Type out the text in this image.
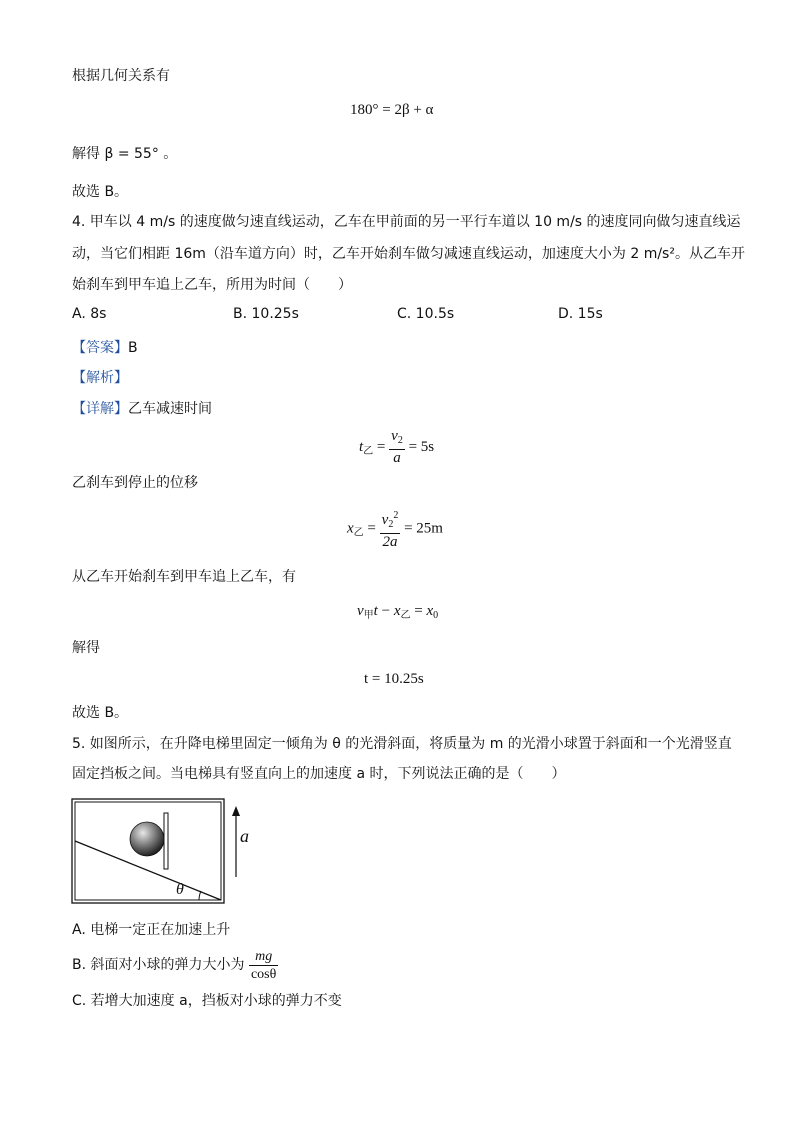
根据几何关系有
180° = 2β + α
解得 β = 55° 。
故选 B。
4. 甲车以 4 m/s 的速度做匀速直线运动，乙车在甲前面的另一平行车道以 10 m/s 的速度同向做匀速直线运
动，当它们相距 16m（沿车道方向）时，乙车开始刹车做匀减速直线运动，加速度大小为 2 m/s²。从乙车开
始刹车到甲车追上乙车，所用为时间（　　）
A. 8s	B. 10.25s	C. 10.5s	D. 15s
【答案】B
【解析】
【详解】乙车减速时间
$t_乙 = \frac{v_2}{a} = 5s$
乙刹车到停止的位移
$x_乙 = \frac{v_2^2}{2a} = 25m$
从乙车开始刹车到甲车追上乙车，有
$v_甲t - x_乙 = x_0$
解得
t = 10.25s
故选 B。
5. 如图所示，在升降电梯里固定一倾角为 θ 的光滑斜面，将质量为 m 的光滑小球置于斜面和一个光滑竖直
固定挡板之间。当电梯具有竖直向上的加速度 a 时，下列说法正确的是（　　）
a
θ
A. 电梯一定正在加速上升
B. 斜面对小球的弹力大小为 $\frac{mg}{\cos\theta}$
C. 若增大加速度 a，挡板对小球的弹力不变
